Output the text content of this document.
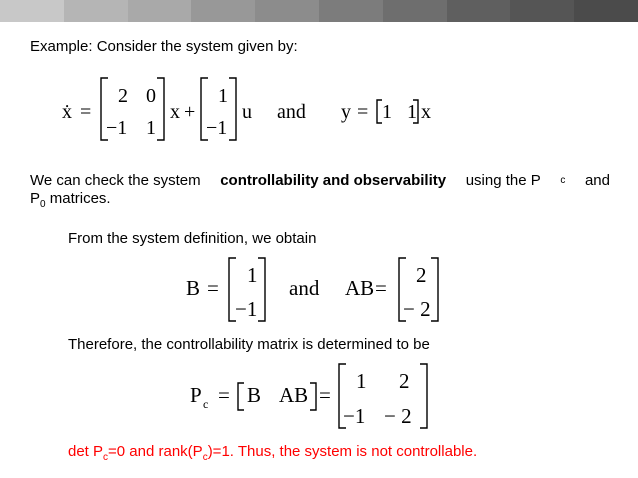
Example: Consider the system given by:
ẋ =
2 0
−1 1
x +
1
−1
u and y = 1 1 x
We can check the system controllability and observability using the P c and
$P_0$ matrices.
From the system definition, we obtain
B =
1
−1
and AB =
2
− 2
Therefore, the controllability matrix is determined to be
P c = B AB =
1 2
−1 − 2
$\det P_c=0$ and $rank(P_c)=1$. Thus, the system is not controllable.
